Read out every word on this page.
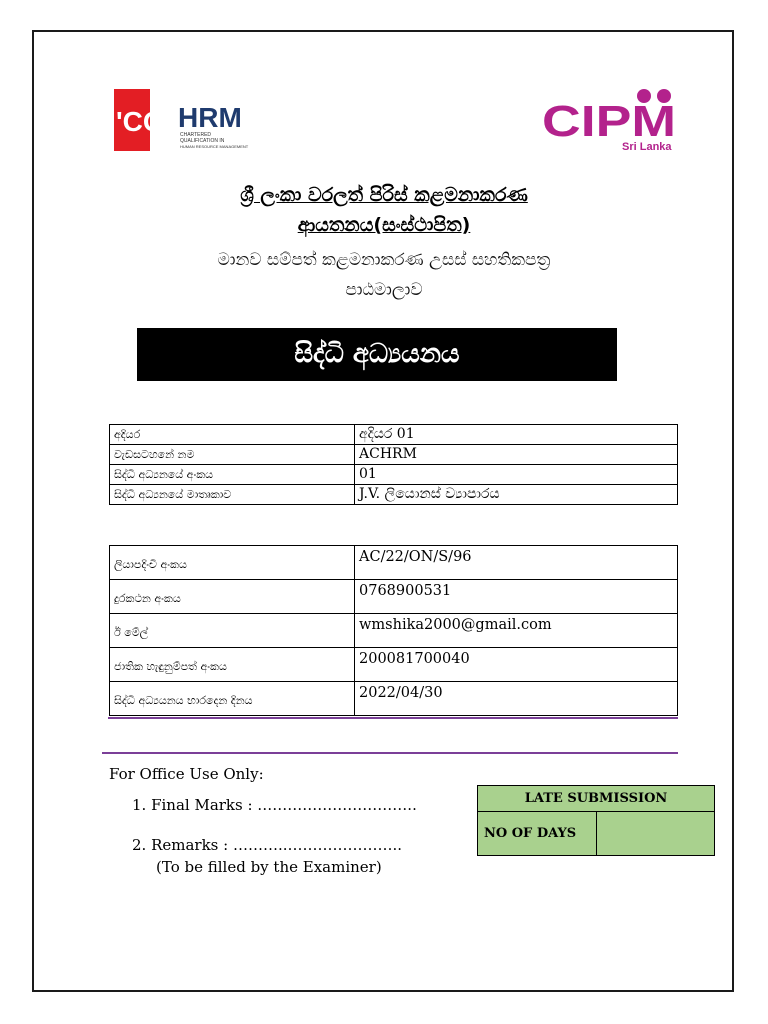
'CQ HRM
CHARTERED
QUALIFICATION IN
HUMAN RESOURCE MANAGEMENT
CIPM
Sri Lanka
ශ්‍රී ලංකා වරලත් පිරිස් කළමනාකරණ
ආයතනය(සංස්ථාපිත)
මානව සම්පත් කළමනාකරණ උසස් සහතිකපත්‍ර
පාඨමාලාව
සිද්ධි අධ්‍යයනය
අදියර	අදියර 01
වැඩසටහනේ නම	ACHRM
සිද්ධි අධ්‍යනයේ අංකය	01
සිද්ධි අධ්‍යනයේ මාතෘකාව	J.V. ලියොනස් ව්‍යාපාරය
ලියාපදිංචි අංකය	AC/22/ON/S/96
දුරකථන අංකය	0768900531
ඊ මේල්	wmshika2000@gmail.com
ජාතික හැඳුනුම්පත් අංකය	200081700040
සිද්ධි අධ්‍යයනය භාරදෙන දිනය	2022/04/30
For Office Use Only:
1. Final Marks : …………………………..
2. Remarks : ………..…………………..
(To be filled by the Examiner)
LATE SUBMISSION
NO OF DAYS	
